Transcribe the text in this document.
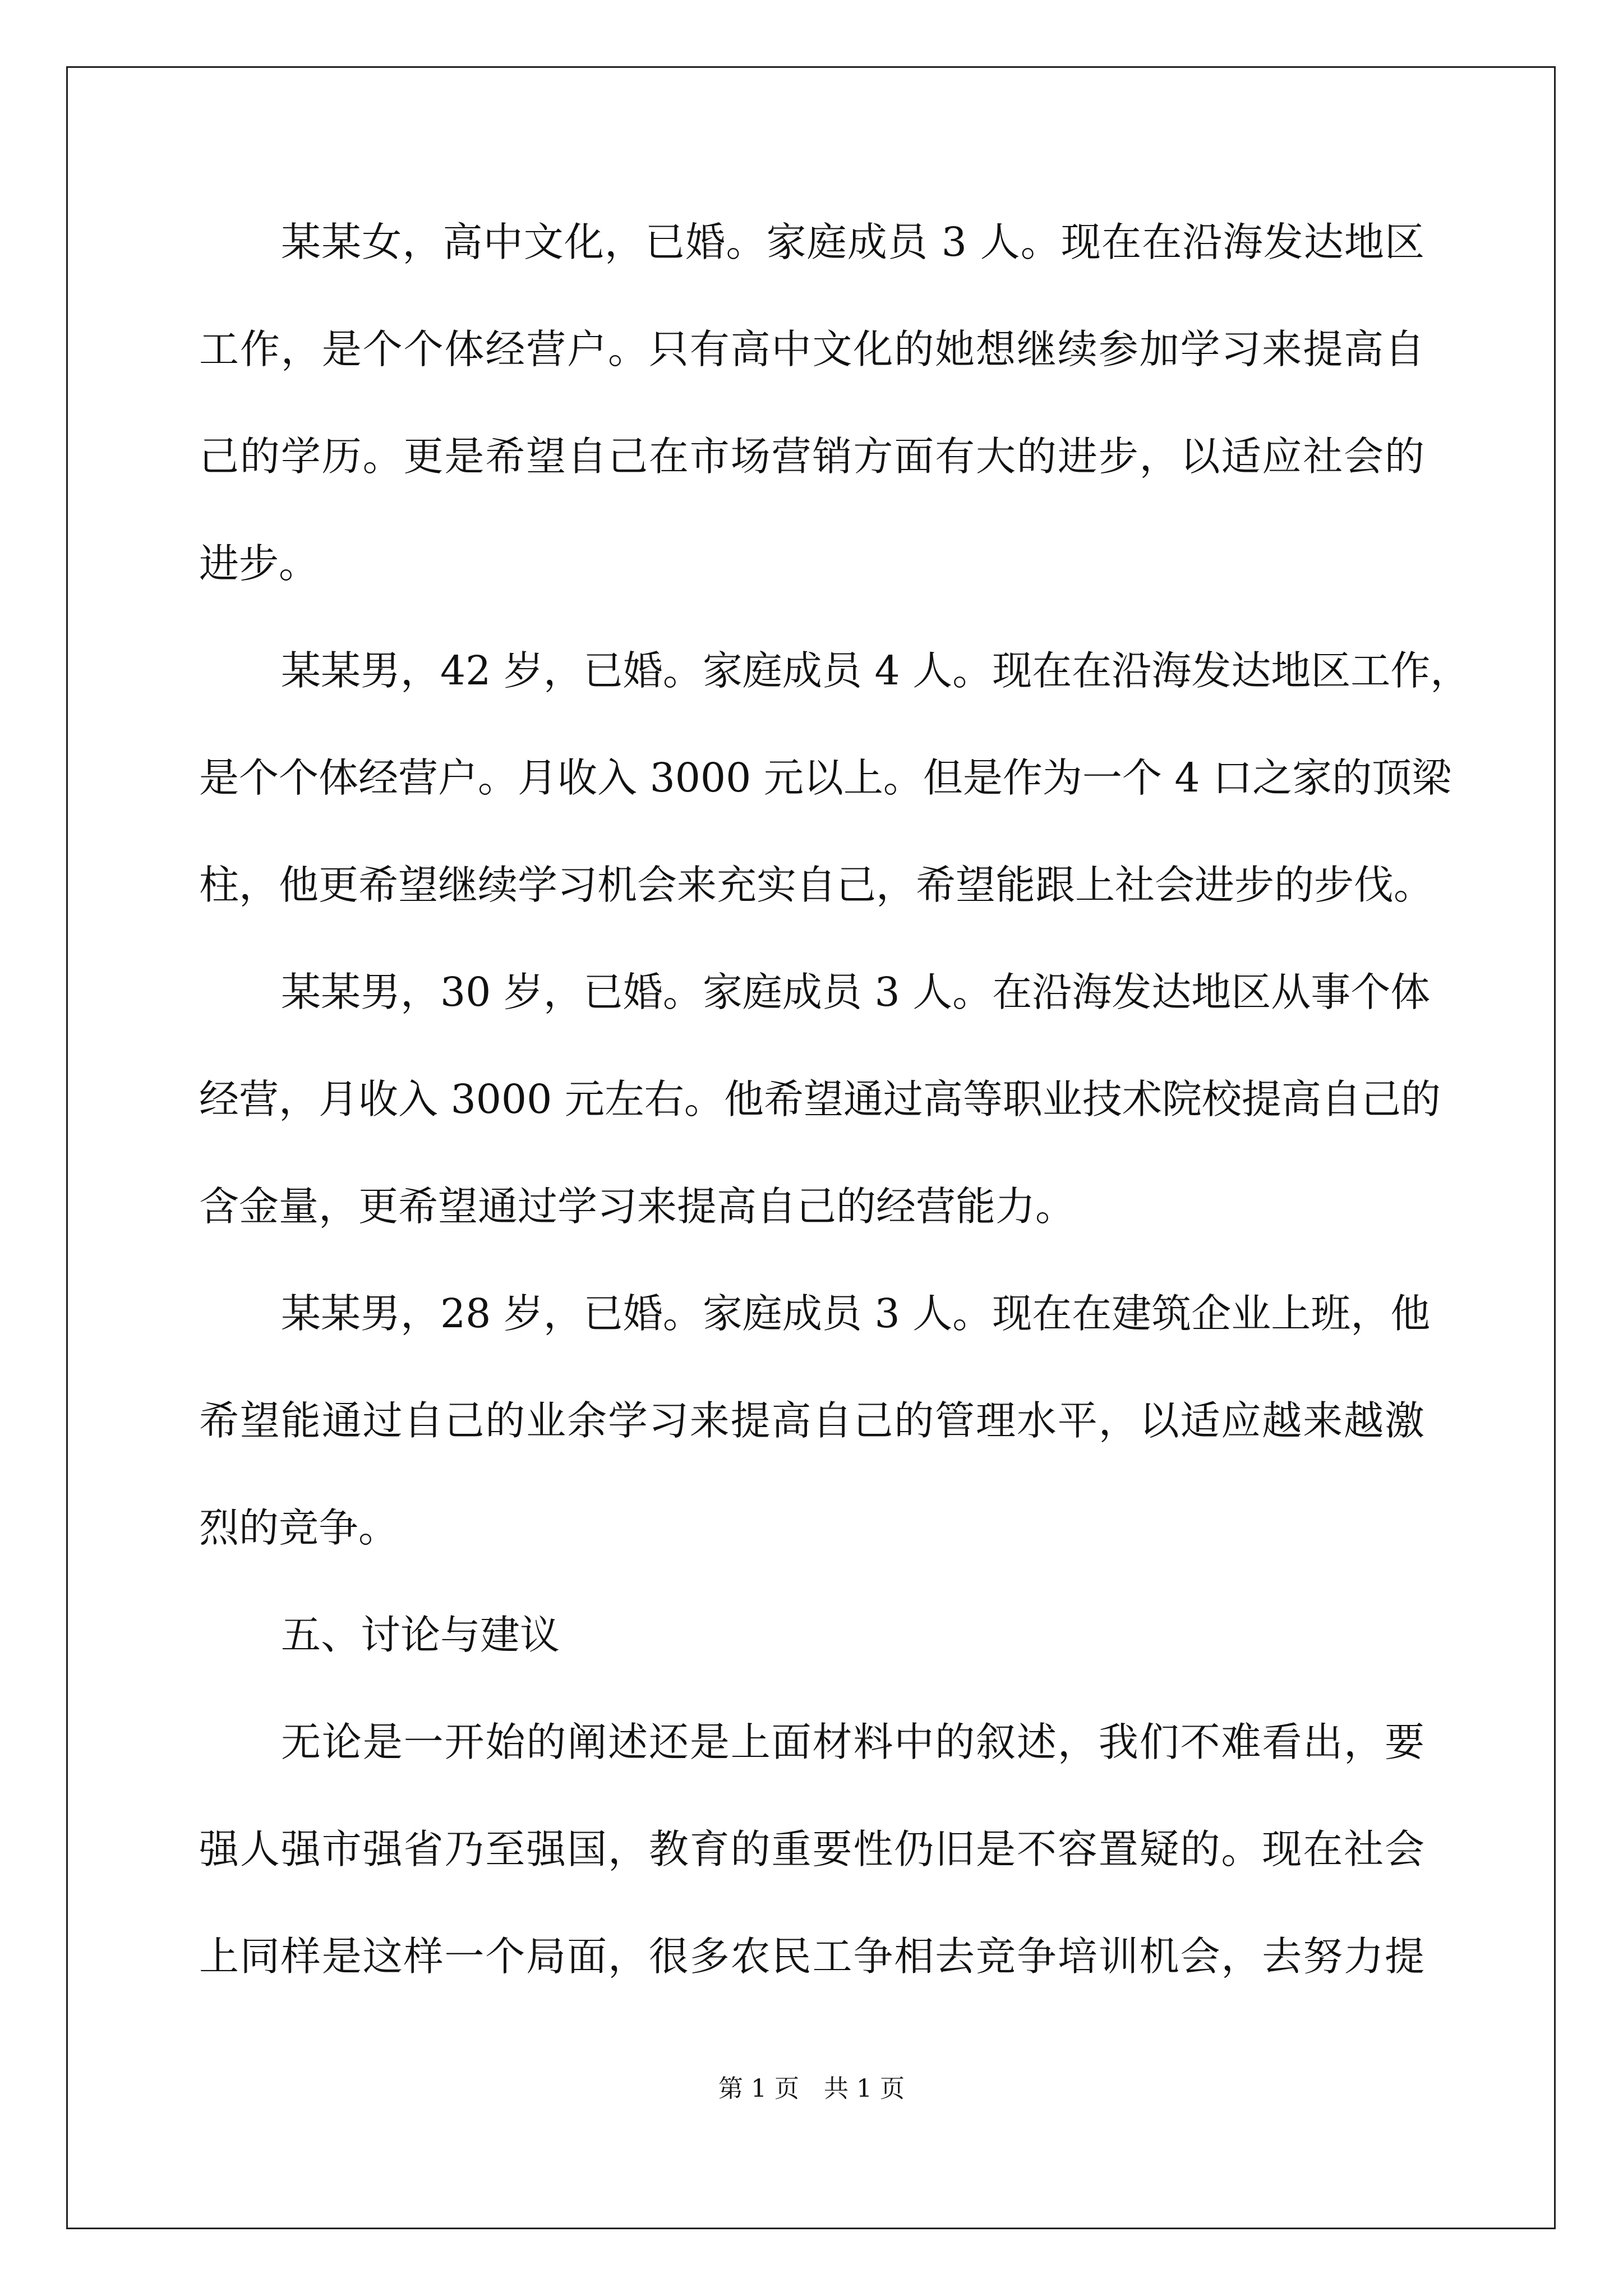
某某女，高中文化，已婚。家庭成员 3 人。现在在沿海发达地区
工作，是个个体经营户。只有高中文化的她想继续参加学习来提高自
己的学历。更是希望自己在市场营销方面有大的进步，以适应社会的
进步。
某某男，42 岁，已婚。家庭成员 4 人。现在在沿海发达地区工作，
是个个体经营户。月收入 3000 元以上。但是作为一个 4 口之家的顶梁
柱，他更希望继续学习机会来充实自己，希望能跟上社会进步的步伐。
某某男，30 岁，已婚。家庭成员 3 人。在沿海发达地区从事个体
经营，月收入 3000 元左右。他希望通过高等职业技术院校提高自己的
含金量，更希望通过学习来提高自己的经营能力。
某某男，28 岁，已婚。家庭成员 3 人。现在在建筑企业上班，他
希望能通过自己的业余学习来提高自己的管理水平，以适应越来越激
烈的竞争。
五、讨论与建议
无论是一开始的阐述还是上面材料中的叙述，我们不难看出，要
强人强市强省乃至强国，教育的重要性仍旧是不容置疑的。现在社会
上同样是这样一个局面，很多农民工争相去竞争培训机会，去努力提
第 1 页　共 1 页
